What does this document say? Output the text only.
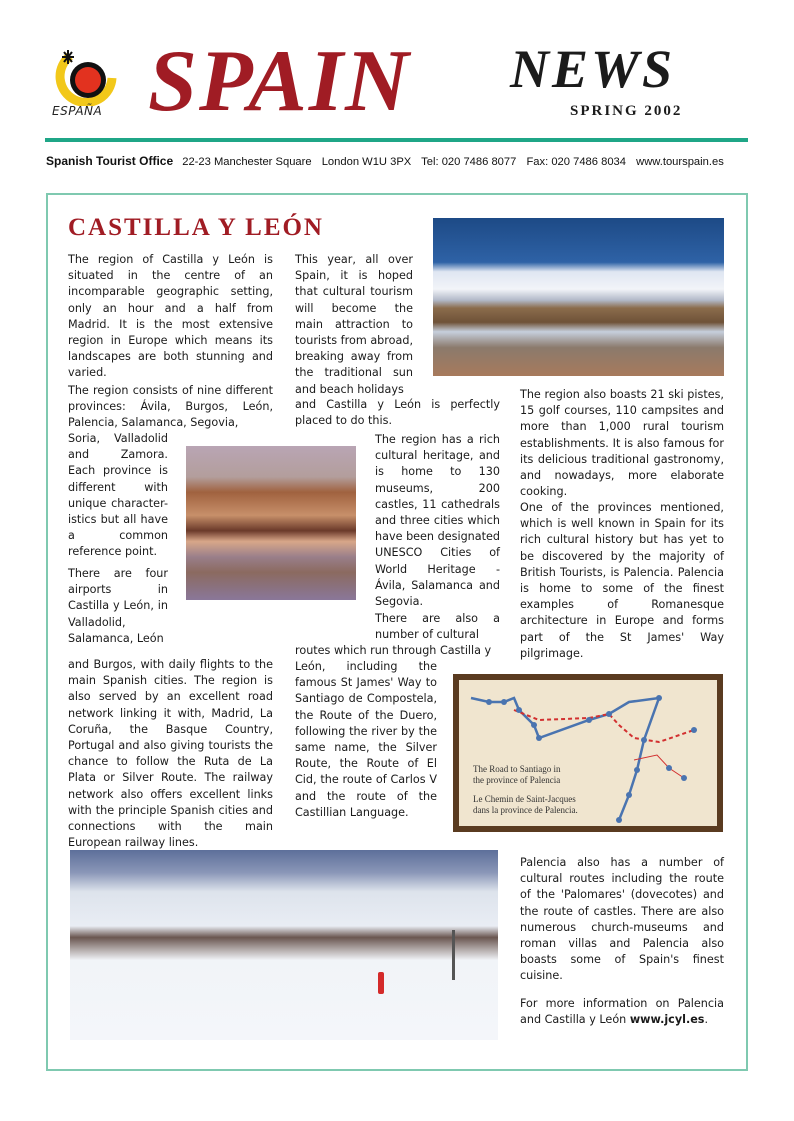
ESPAÑA SPAIN NEWS
SPRING 2002
Spanish Tourist Office 22-23 Manchester Square London W1U 3PX Tel: 020 7486 8077 Fax: 020 7486 8034 www.tourspain.es
CASTILLA Y LEÓN

The region of Castilla y León is situated in the centre of an incomparable geographic setting, only an hour and a half from Madrid. It is the most extensive region in Europe which means its landscapes are both stunning and varied.

The region consists of nine different provinces: Ávila, Burgos, León, Palencia, Salamanca, Segovia,

Soria, Valladolid and Zamora. Each province is different with unique character-istics but all have a common reference point.

There are four airports in Castilla y León, in Valladolid, Salamanca, León

and Burgos, with daily flights to the main Spanish cities. The region is also served by an excellent road network linking it with, Madrid, La Coruña, the Basque Country, Portugal and also giving tourists the chance to follow the Ruta de La Plata or Silver Route. The railway network also offers excellent links with the principle Spanish cities and connections with the main European railway lines.

This year, all over Spain, it is hoped that cultural tourism will become the main attraction to tourists from abroad, breaking away from the traditional sun and beach holidays

and Castilla y León is perfectly placed to do this.

The region has a rich cultural heritage, and is home to 130 museums, 200 castles, 11 cathedrals and three cities which have been designated UNESCO Cities of World Heritage - Ávila, Salamanca and Segovia.

There are also a number of cultural

routes which run through Castilla y

León, including the famous St James' Way to Santiago de Compostela, the Route of the Duero, following the river by the same name, the Silver Route, the Route of El Cid, the route of Carlos V and the route of the Castillian Language.

The region also boasts 21 ski pistes, 15 golf courses, 110 campsites and more than 1,000 rural tourism establishments. It is also famous for its delicious traditional gastronomy, and nowadays, more elaborate cooking.

One of the provinces mentioned, which is well known in Spain for its rich cultural history but has yet to be discovered by the majority of British Tourists, is Palencia. Palencia is home to some of the finest examples of Romanesque architecture in Europe and forms part of the St James' Way pilgrimage.

The Road to Santiago in the province of Palencia
Le Chemin de Saint-Jacques dans la province de Palencia.

Palencia also has a number of cultural routes including the route of the 'Palomares' (dovecotes) and the route of castles. There are also numerous church-museums and roman villas and Palencia also boasts some of Spain's finest cuisine.

For more information on Palencia and Castilla y León www.jcyl.es.
